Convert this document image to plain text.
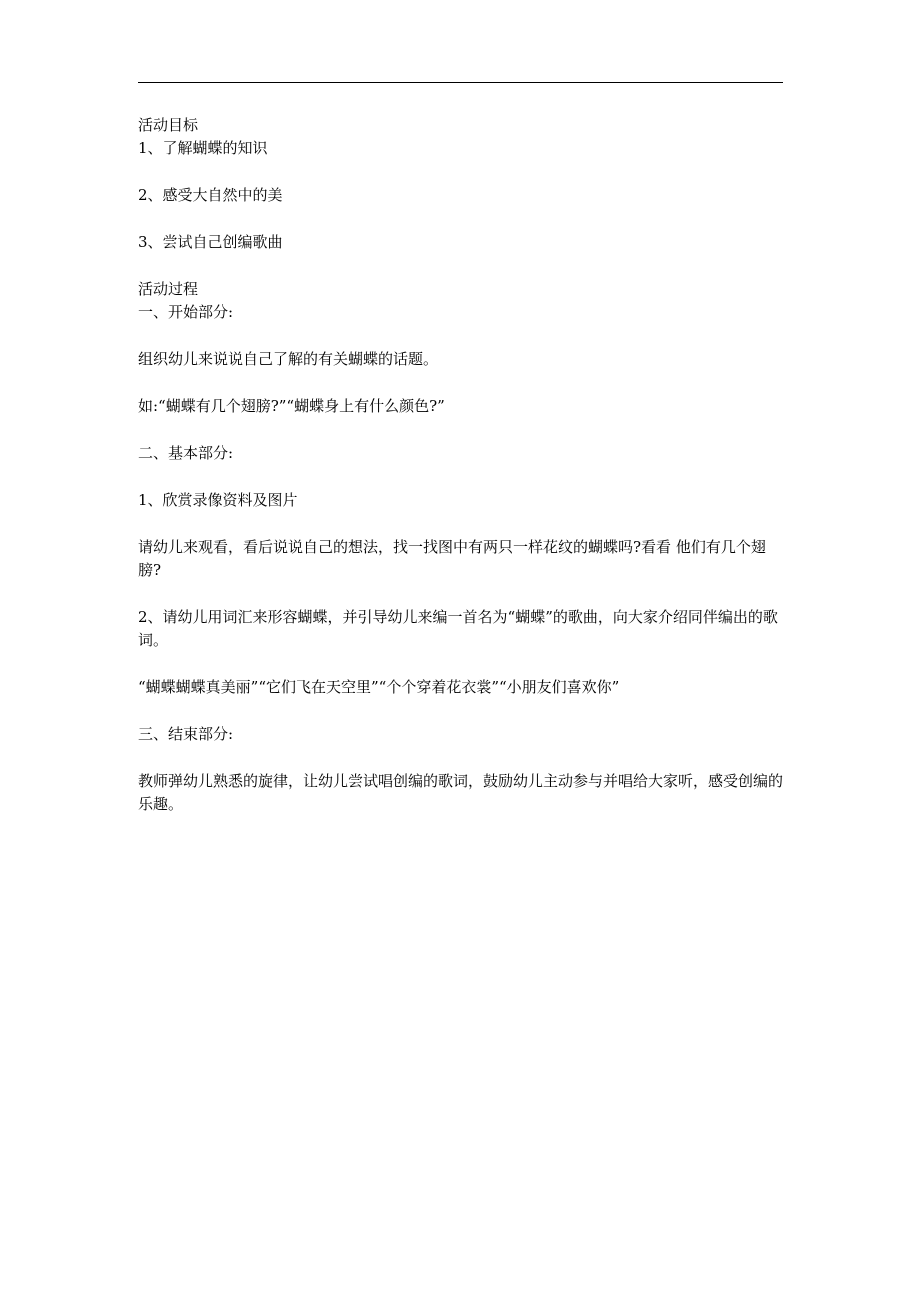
活动目标

1、了解蝴蝶的知识

2、感受大自然中的美

3、尝试自己创编歌曲

活动过程

一、开始部分:

组织幼儿来说说自己了解的有关蝴蝶的话题。

如:“蝴蝶有几个翅膀?”“蝴蝶身上有什么颜色?”

二、基本部分:

1、欣赏录像资料及图片

请幼儿来观看，看后说说自己的想法，找一找图中有两只一样花纹的蝴蝶吗?看看 他们有几个翅膀?

2、请幼儿用词汇来形容蝴蝶，并引导幼儿来编一首名为“蝴蝶”的歌曲，向大家介绍同伴编出的歌词。

“蝴蝶蝴蝶真美丽”“它们飞在天空里”“个个穿着花衣裳”“小朋友们喜欢你”

三、结束部分:

教师弹幼儿熟悉的旋律，让幼儿尝试唱创编的歌词，鼓励幼儿主动参与并唱给大家听，感受创编的乐趣。
